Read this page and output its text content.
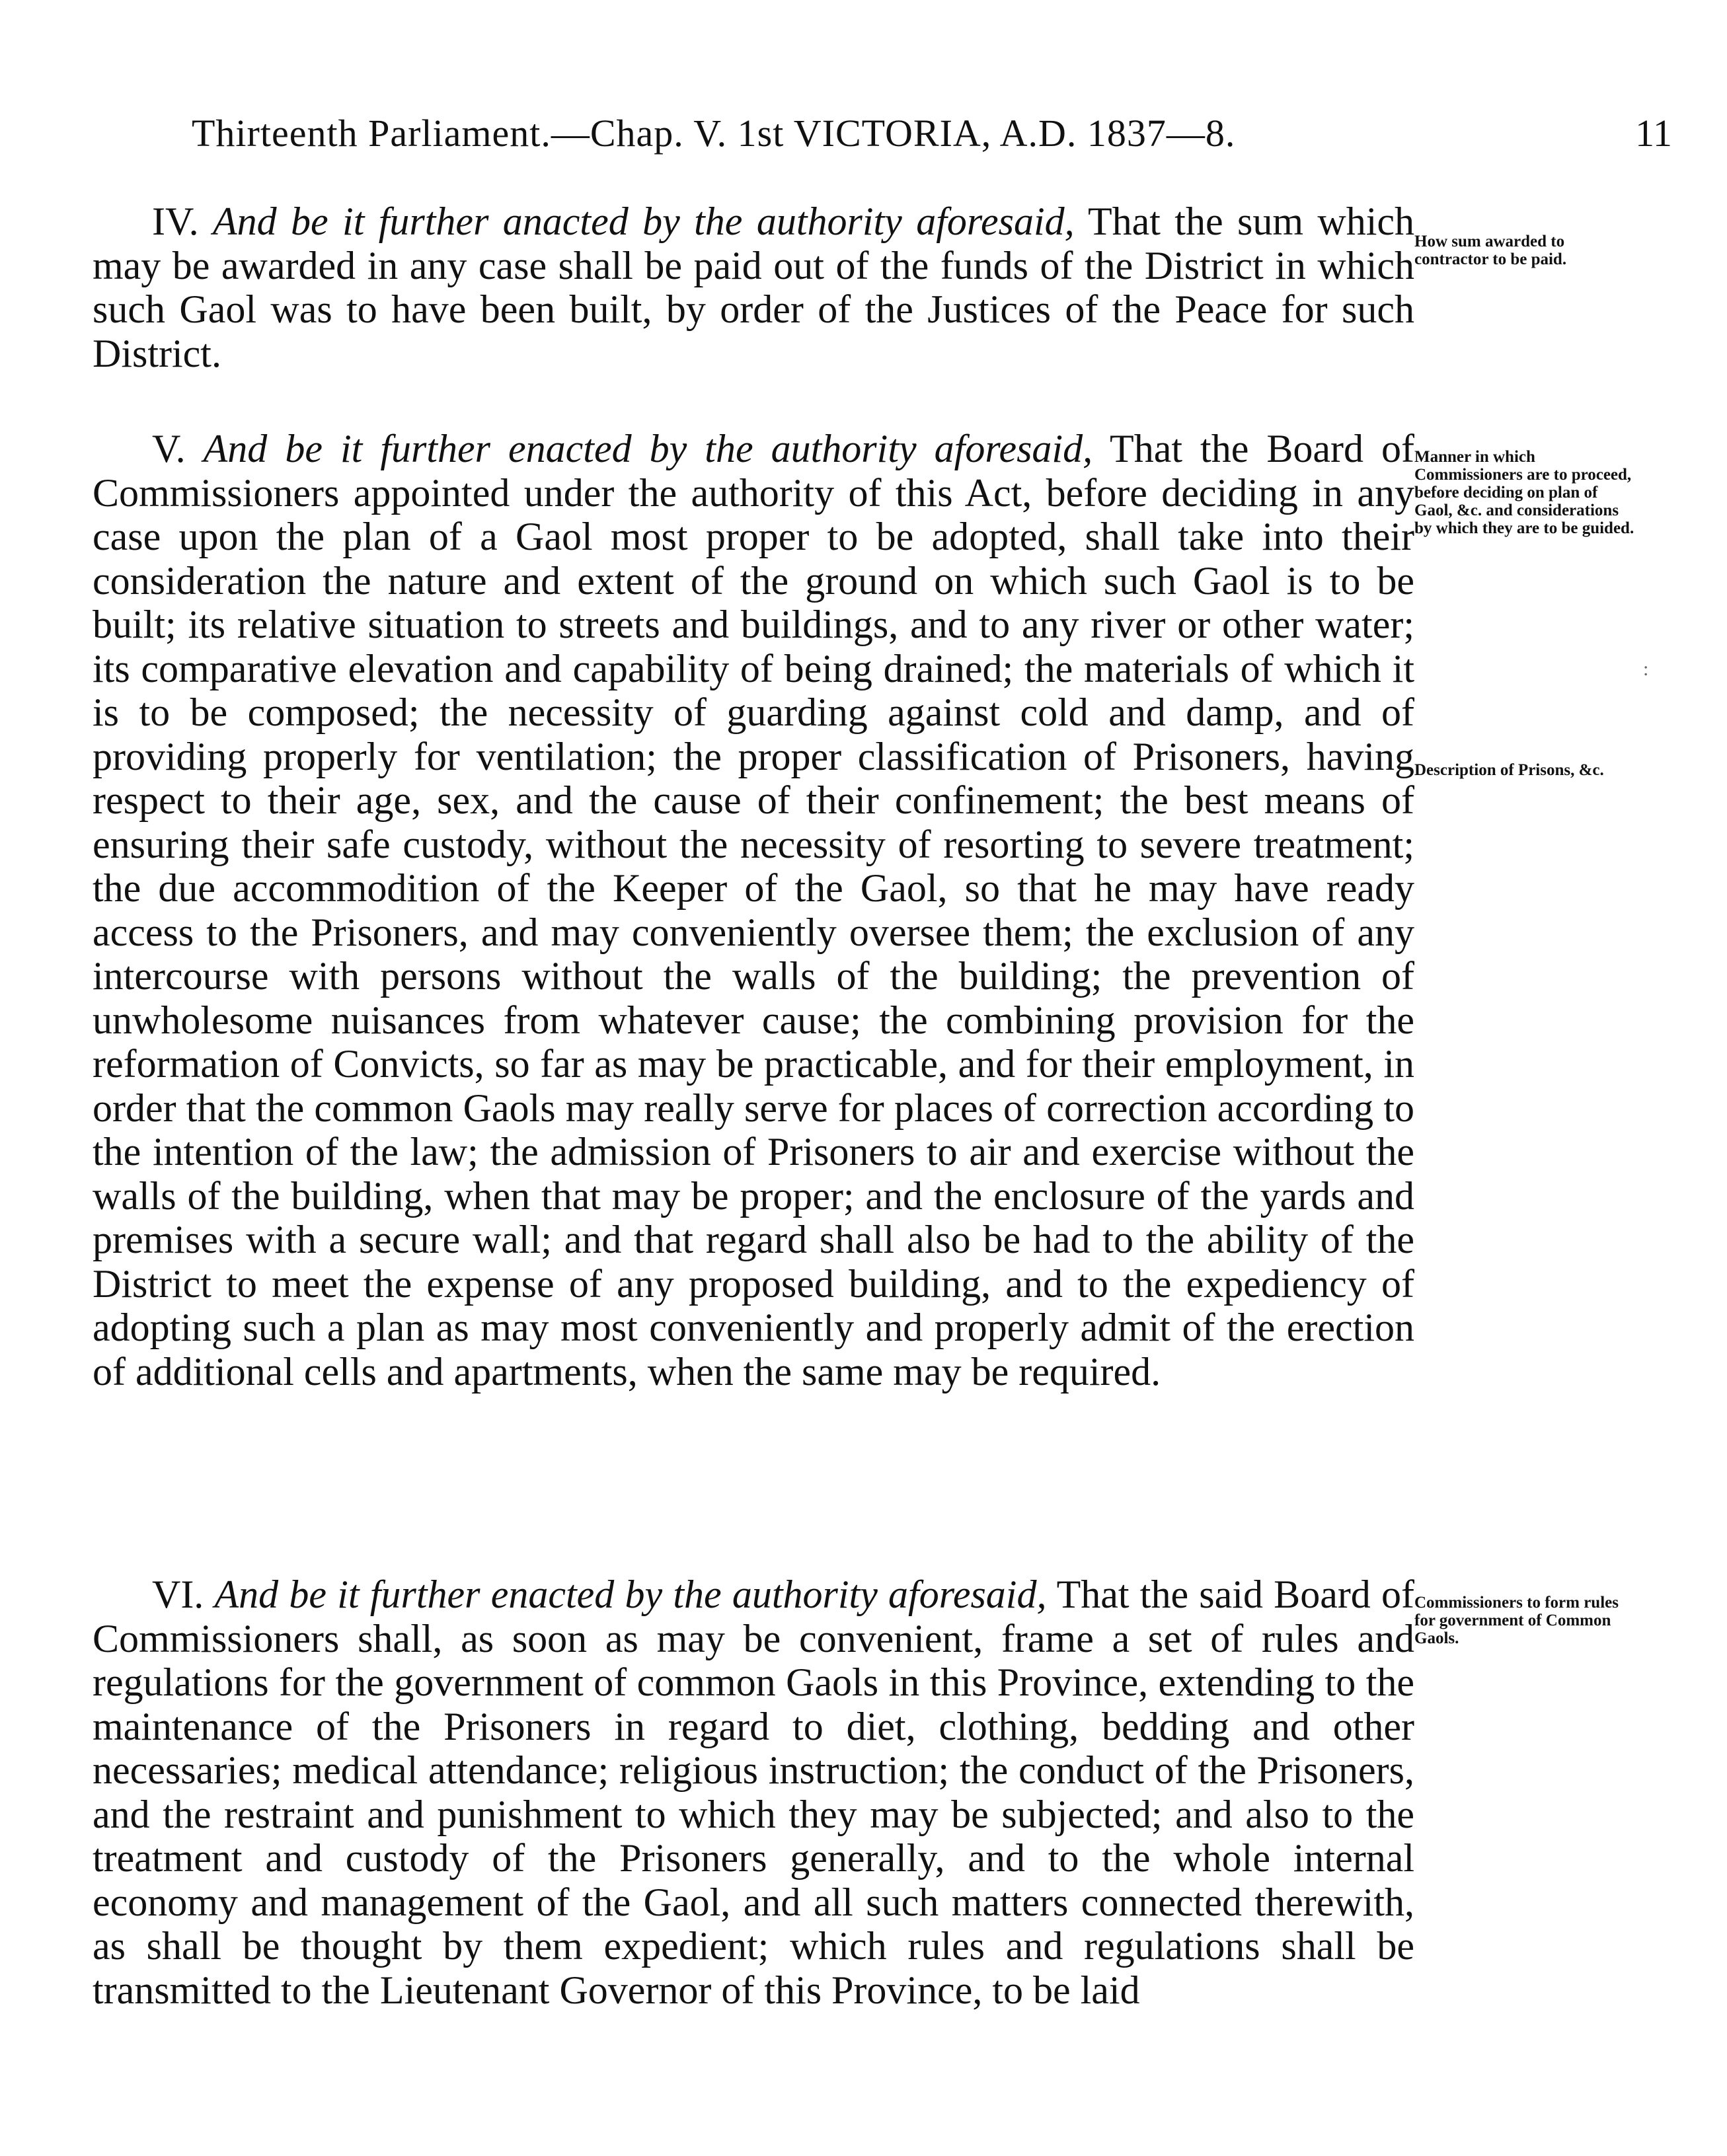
Thirteenth Parliament.—Chap. V. 1st VICTORIA, A.D. 1837—8.	11

IV. And be it further anacted by the authority aforesaid, That the sum which may be awarded in any case shall be paid out of the funds of the District in which such Gaol was to have been built, by order of the Justices of the Peace for such District.

How sum awarded to contractor to be paid.

V. And be it further enacted by the authority aforesaid, That the Board of Commissioners appointed under the authority of this Act, before deciding in any case upon the plan of a Gaol most proper to be adopted, shall take into their consideration the nature and extent of the ground on which such Gaol is to be built; its relative situation to streets and buildings, and to any river or other water; its comparative elevation and capability of being drained; the materials of which it is to be composed; the necessity of guarding against cold and damp, and of providing properly for ventilation; the proper classification of Prisoners, having respect to their age, sex, and the cause of their confinement; the best means of ensuring their safe custody, without the necessity of resorting to severe treatment; the due accommodition of the Keeper of the Gaol, so that he may have ready access to the Prisoners, and may conveniently oversee them; the exclusion of any intercourse with persons without the walls of the building; the prevention of unwholesome nuisances from whatever cause; the combining provision for the reformation of Convicts, so far as may be practicable, and for their employment, in order that the common Gaols may really serve for places of correction according to the intention of the law; the admission of Prisoners to air and exercise without the walls of the building, when that may be proper; and the enclosure of the yards and premises with a secure wall; and that regard shall also be had to the ability of the District to meet the expense of any proposed building, and to the expediency of adopting such a plan as may most conveniently and properly admit of the erection of additional cells and apartments, when the same may be required.

Manner in which Commissioners are to proceed, before deciding on plan of Gaol, &c. and considerations by which they are to be guided.
Description of Prisons, &c.
:

VI. And be it further enacted by the authority aforesaid, That the said Board of Commissioners shall, as soon as may be convenient, frame a set of rules and regulations for the government of common Gaols in this Province, extending to the maintenance of the Prisoners in regard to diet, clothing, bedding and other necessaries; medical attendance; religious instruction; the conduct of the Prisoners, and the restraint and punishment to which they may be subjected; and also to the treatment and custody of the Prisoners generally, and to the whole internal economy and management of the Gaol, and all such matters connected therewith, as shall be thought by them expedient; which rules and regulations shall be transmitted to the Lieutenant Governor of this Province, to be laid

Commissioners to form rules for government of Common Gaols.
